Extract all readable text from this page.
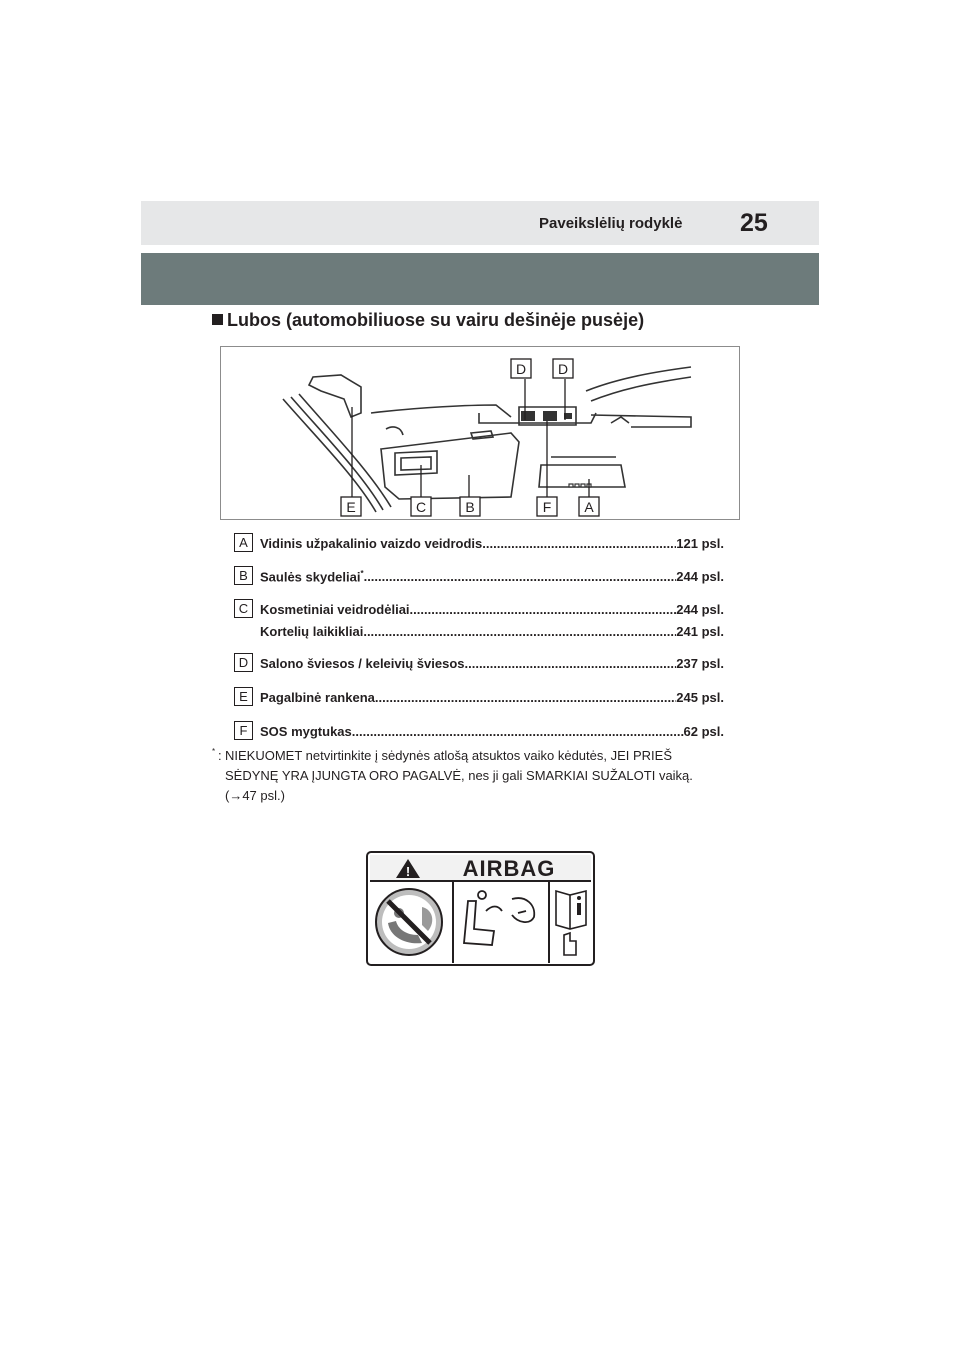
Paveikslėlių rodyklė 25
Lubos (automobiliuose su vairu dešinėje pusėje)
D D
E	C	B	F A
A Vidinis užpakalinio vaizdo veidrodis .....	121 psl.
B Saulės skydeliai* .....	244 psl.
C Kosmetiniai veidrodėliai .....	244 psl.
Kortelių laikikliai .....	241 psl.
D Salono šviesos / keleivių šviesos .....	237 psl.
E Pagalbinė rankena .....	245 psl.
F SOS mygtukas .....	62 psl.
* : NIEKUOMET netvirtinkite į sėdynės atlošą atsuktos vaiko kėdutės, JEI PRIEŠ
SĖDYNĘ YRA ĮJUNGTA ORO PAGALVĖ, nes ji gali SMARKIAI SUŽALOTI vaiką.
(→47 psl.)
! AIRBAG
